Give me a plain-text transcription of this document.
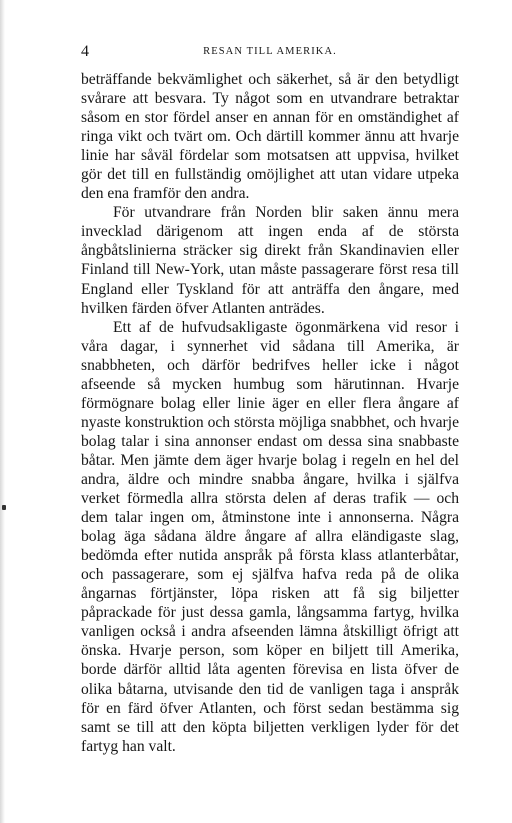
4	RESAN TILL AMERIKA.

beträffande bekvämlighet och säkerhet, så är den betydligt svårare att besvara. Ty något som en utvandrare betraktar såsom en stor fördel anser en annan för en omständighet af ringa vikt och tvärt om. Och därtill kommer ännu att hvarje linie har såväl fördelar som motsatsen att uppvisa, hvilket gör det till en fullständig omöjlighet att utan vidare utpeka den ena framför den andra.

För utvandrare från Norden blir saken ännu mera invecklad därigenom att ingen enda af de största ångbåtslinierna sträcker sig direkt från Skandinavien eller Finland till New-York, utan måste passagerare först resa till England eller Tyskland för att anträffa den ångare, med hvilken färden öfver Atlanten anträdes.

Ett af de hufvudsakligaste ögonmärkena vid resor i våra dagar, i synnerhet vid sådana till Amerika, är snabbheten, och därför bedrifves heller icke i något afseende så mycken humbug som härutinnan. Hvarje förmögnare bolag eller linie äger en eller flera ångare af nyaste konstruktion och största möjliga snabbhet, och hvarje bolag talar i sina annonser endast om dessa sina snabbaste båtar. Men jämte dem äger hvarje bolag i regeln en hel del andra, äldre och mindre snabba ångare, hvilka i själfva verket förmedla allra största delen af deras trafik — och dem talar ingen om, åtminstone inte i annonserna. Några bolag äga sådana äldre ångare af allra eländigaste slag, bedömda efter nutida anspråk på första klass atlanterbåtar, och passagerare, som ej själfva hafva reda på de olika ångarnas förtjänster, löpa risken att få sig biljetter påprackade för just dessa gamla, långsamma fartyg, hvilka vanligen också i andra afseenden lämna åtskilligt öfrigt att önska. Hvarje person, som köper en biljett till Amerika, borde därför alltid låta agenten förevisa en lista öfver de olika båtarna, utvisande den tid de vanligen taga i anspråk för en färd öfver Atlanten, och först sedan bestämma sig samt se till att den köpta biljetten verkligen lyder för det fartyg han valt.
